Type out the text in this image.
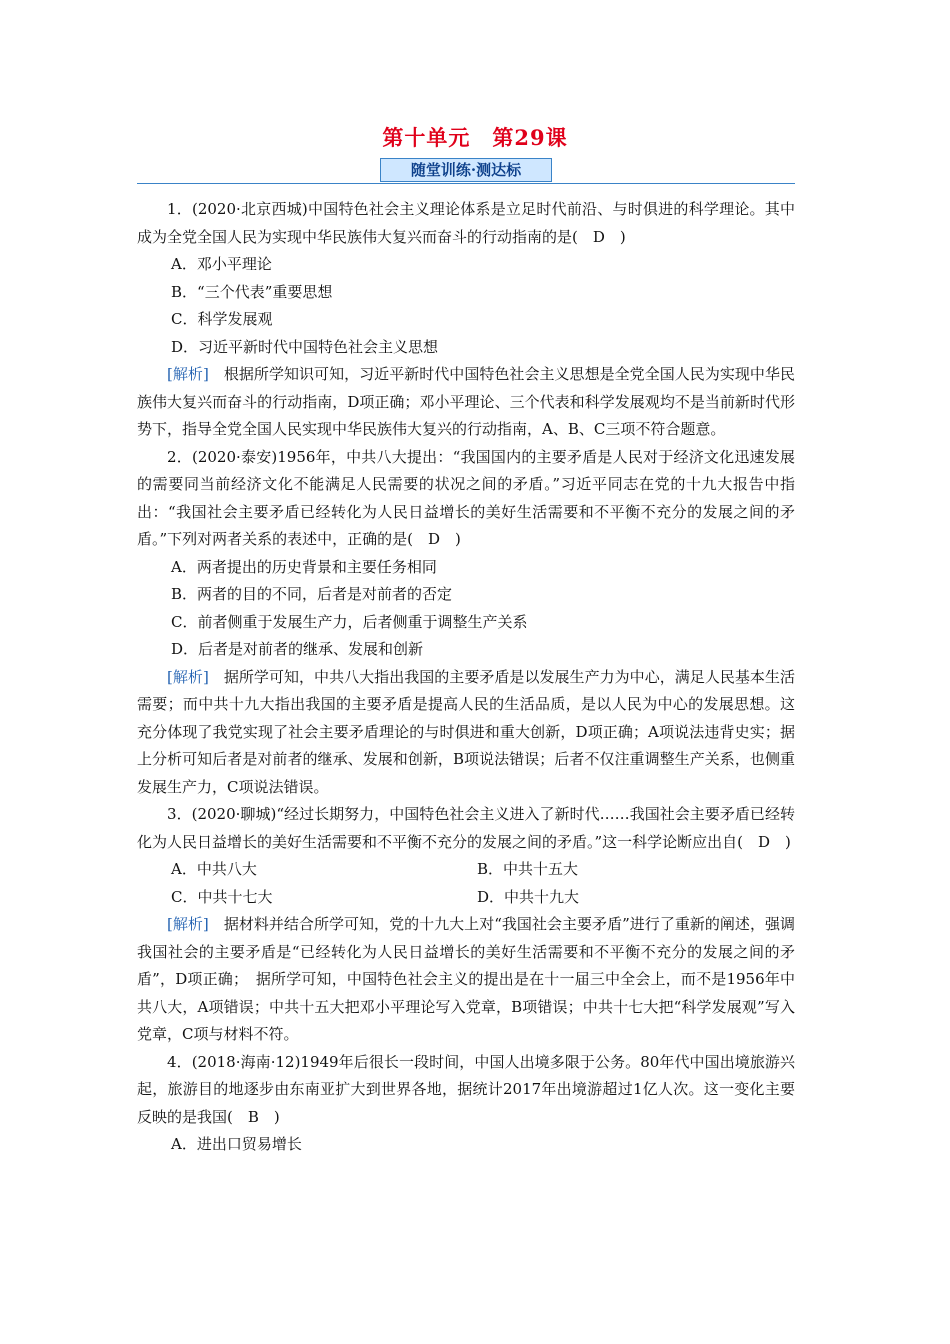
第十单元　第29课
随堂训练·测达标

1．(2020·北京西城)中国特色社会主义理论体系是立足时代前沿、与时俱进的科学理论。其中成为全党全国人民为实现中华民族伟大复兴而奋斗的行动指南的是(　D　)

A．邓小平理论

B．“三个代表”重要思想

C．科学发展观

D．习近平新时代中国特色社会主义思想

[解析]　根据所学知识可知，习近平新时代中国特色社会主义思想是全党全国人民为实现中华民族伟大复兴而奋斗的行动指南，D项正确；邓小平理论、三个代表和科学发展观均不是当前新时代形势下，指导全党全国人民实现中华民族伟大复兴的行动指南，A、B、C三项不符合题意。

2．(2020·泰安)1956年，中共八大提出：“我国国内的主要矛盾是人民对于经济文化迅速发展的需要同当前经济文化不能满足人民需要的状况之间的矛盾。”习近平同志在党的十九大报告中指出：“我国社会主要矛盾已经转化为人民日益增长的美好生活需要和不平衡不充分的发展之间的矛盾。”下列对两者关系的表述中，正确的是(　D　)

A．两者提出的历史背景和主要任务相同

B．两者的目的不同，后者是对前者的否定

C．前者侧重于发展生产力，后者侧重于调整生产关系

D．后者是对前者的继承、发展和创新

[解析]　据所学可知，中共八大指出我国的主要矛盾是以发展生产力为中心，满足人民基本生活需要；而中共十九大指出我国的主要矛盾是提高人民的生活品质，是以人民为中心的发展思想。这充分体现了我党实现了社会主要矛盾理论的与时俱进和重大创新，D项正确；A项说法违背史实；据上分析可知后者是对前者的继承、发展和创新，B项说法错误；后者不仅注重调整生产关系，也侧重发展生产力，C项说法错误。

3．(2020·聊城)“经过长期努力，中国特色社会主义进入了新时代……我国社会主要矛盾已经转化为人民日益增长的美好生活需要和不平衡不充分的发展之间的矛盾。”这一科学论断应出自(　D　)

A．中共八大	B．中共十五大
C．中共十七大	D．中共十九大

[解析]　据材料并结合所学可知，党的十九大上对“我国社会主要矛盾”进行了重新的阐述，强调我国社会的主要矛盾是“已经转化为人民日益增长的美好生活需要和不平衡不充分的发展之间的矛盾”，D项正确；　据所学可知，中国特色社会主义的提出是在十一届三中全会上，而不是1956年中共八大，A项错误；中共十五大把邓小平理论写入党章，B项错误；中共十七大把“科学发展观”写入党章，C项与材料不符。

4．(2018·海南·12)1949年后很长一段时间，中国人出境多限于公务。80年代中国出境旅游兴起，旅游目的地逐步由东南亚扩大到世界各地，据统计2017年出境游超过1亿人次。这一变化主要反映的是我国(　B　)

A．进出口贸易增长
